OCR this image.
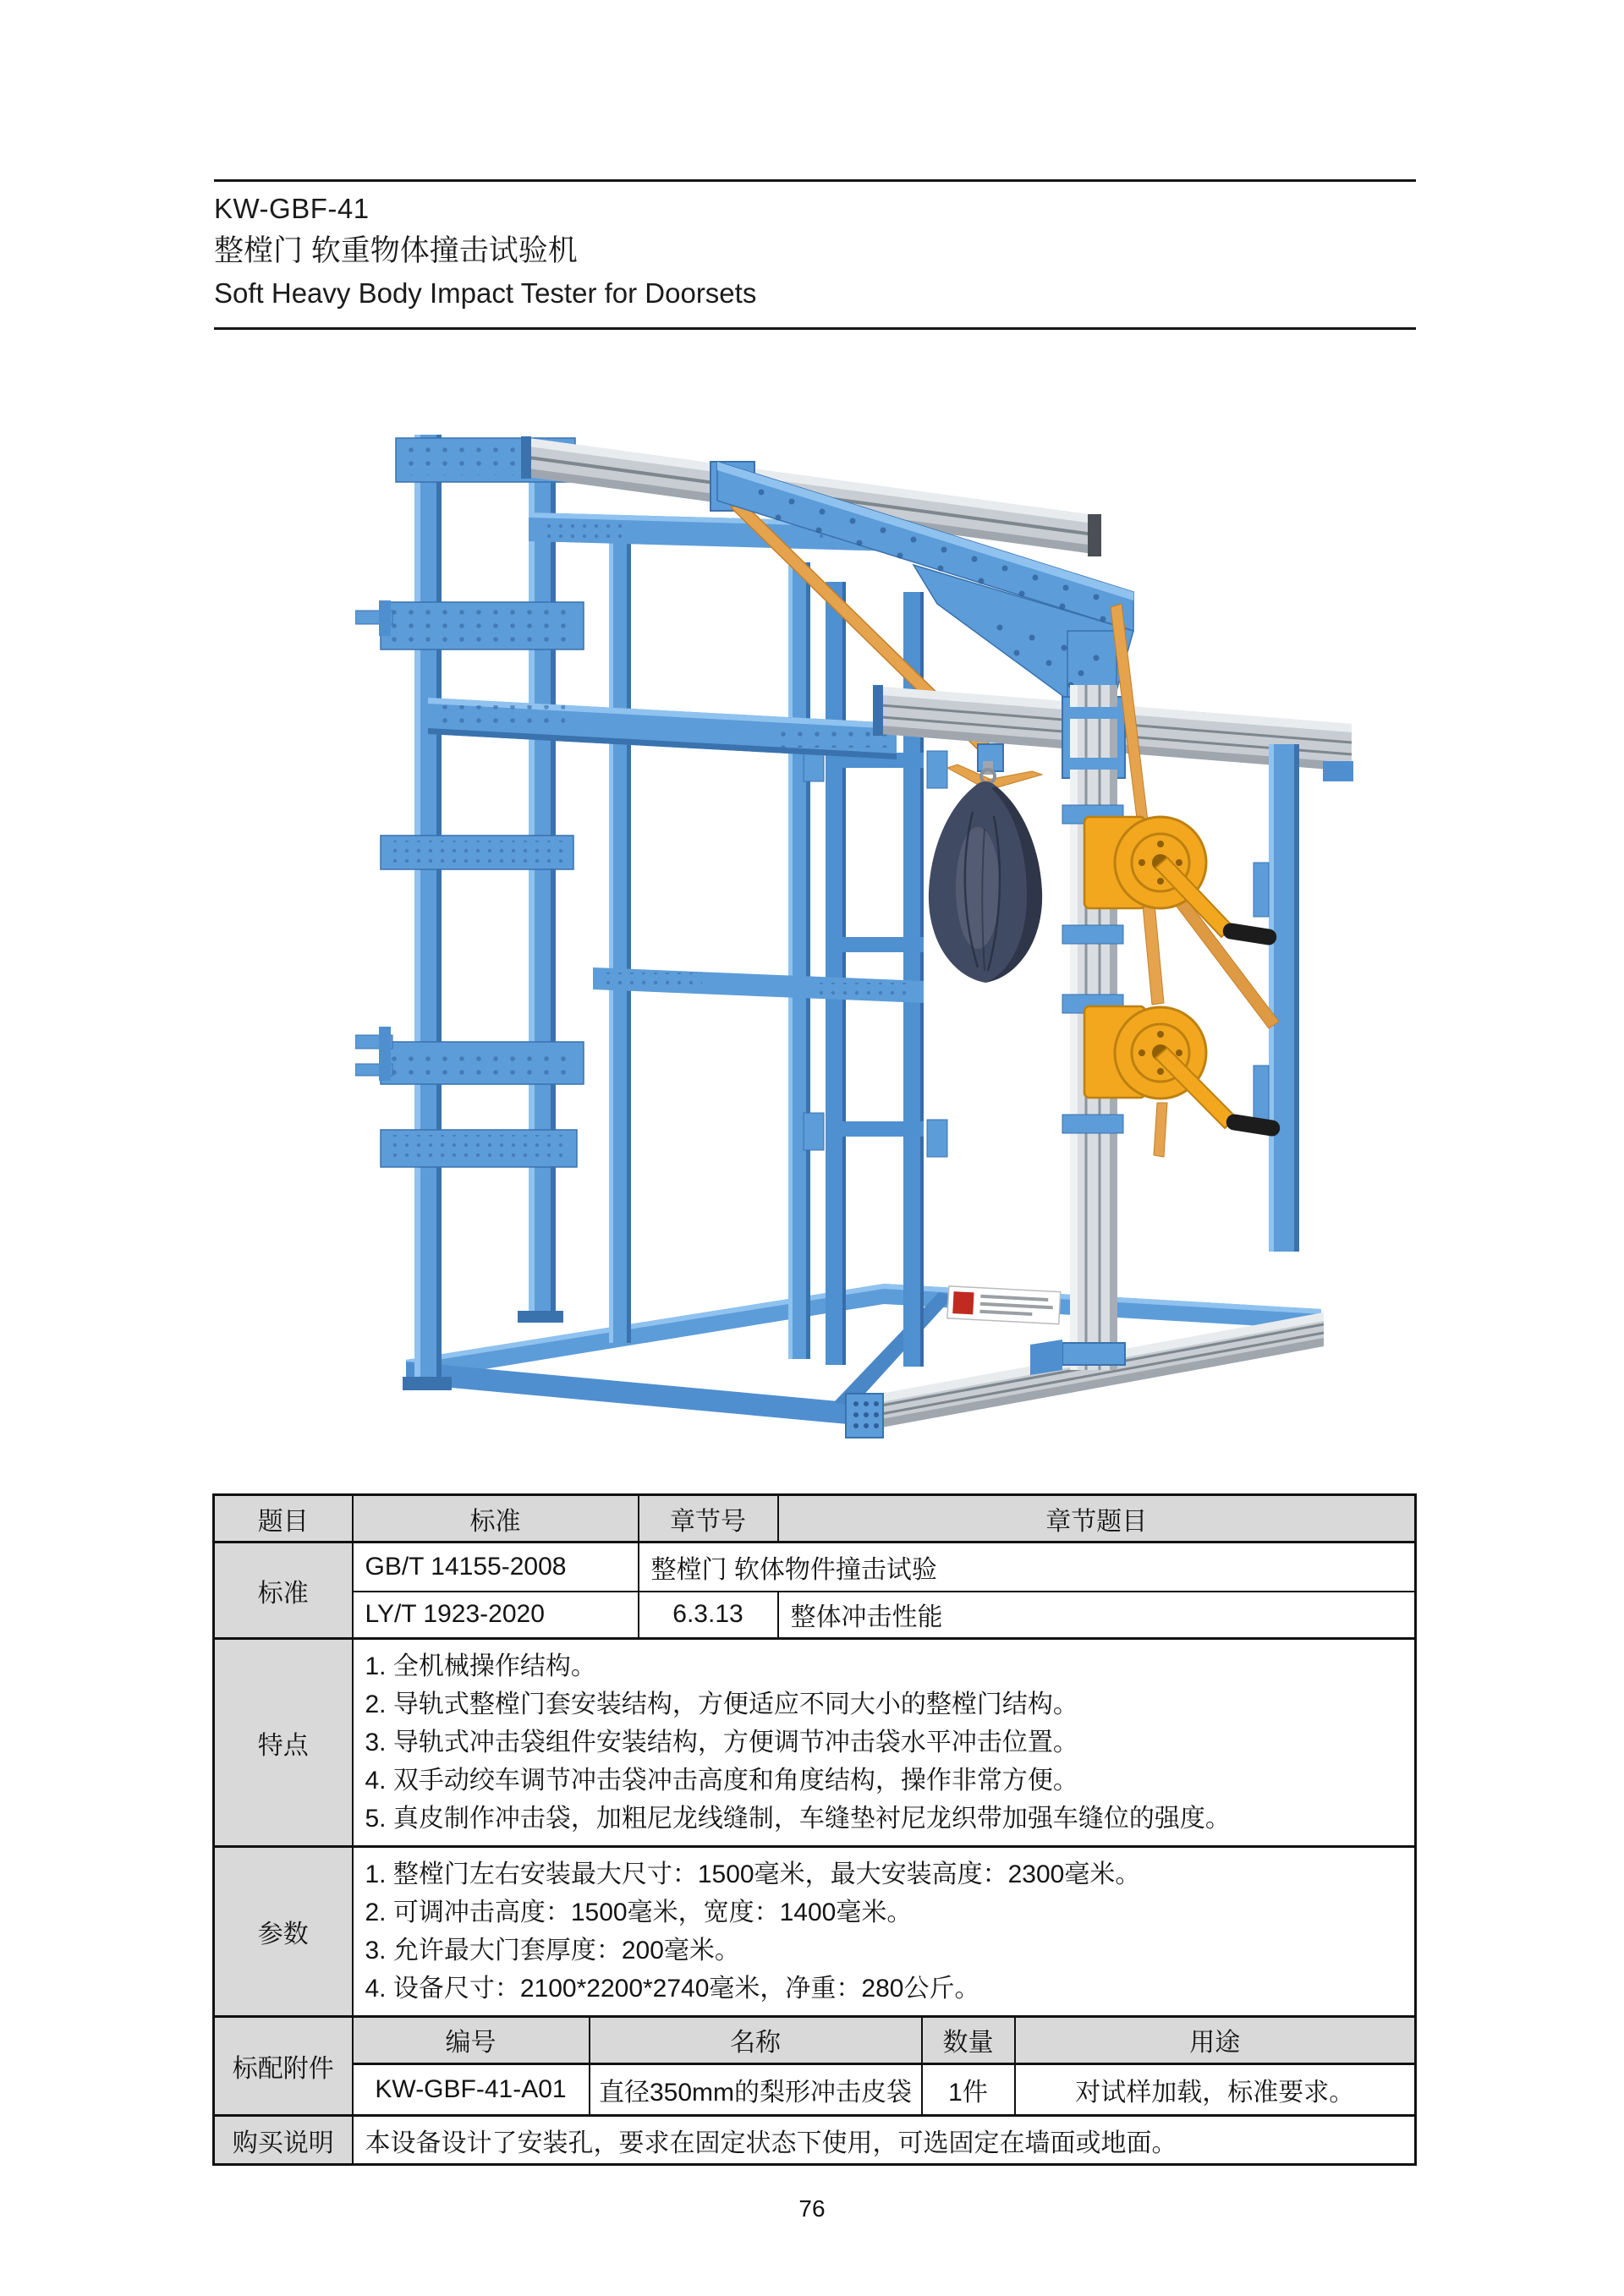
KW-GBF-41
整樘门 软重物体撞击试验机
Soft Heavy Body Impact Tester for Doorsets
题目	标准	章节号	章节题目
标准	GB/T 14155-2008	整樘门 软体物件撞击试验
LY/T 1923-2020	6.3.13	整体冲击性能
特点	
1. 全机械操作结构。
2. 导轨式整樘门套安装结构，方便适应不同大小的整樘门结构。
3. 导轨式冲击袋组件安装结构，方便调节冲击袋水平冲击位置。
4. 双手动绞车调节冲击袋冲击高度和角度结构，操作非常方便。
5. 真皮制作冲击袋，加粗尼龙线缝制，车缝垫衬尼龙织带加强车缝位的强度。

参数	
1. 整樘门左右安装最大尺寸：1500毫米，最大安装高度：2300毫米。
2. 可调冲击高度：1500毫米，宽度：1400毫米。
3. 允许最大门套厚度：200毫米。
4. 设备尺寸：2100*2200*2740毫米，净重：280公斤。

标配附件	
编号	名称	数量	用途
KW-GBF-41-A01	直径350mm的梨形冲击皮袋	1件	对试样加载，标准要求。

购买说明	本设备设计了安装孔，要求在固定状态下使用，可选固定在墙面或地面。
76
